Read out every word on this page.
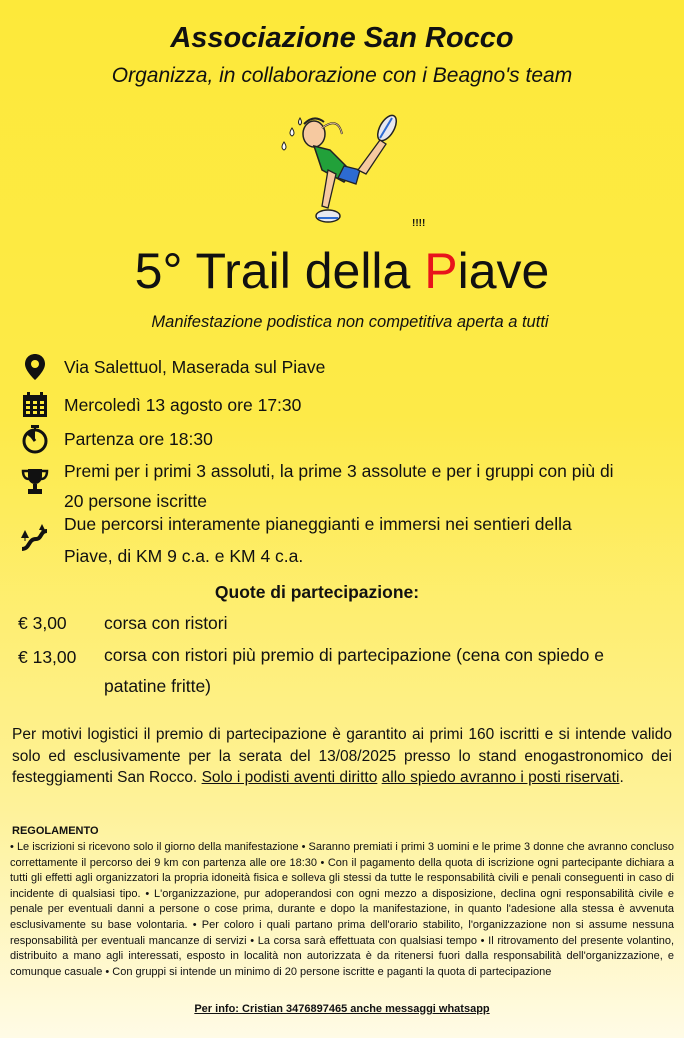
Associazione San Rocco
Organizza, in collaborazione con i Beagno's team
!!!!
5° Trail della Piave
Manifestazione podistica non competitiva aperta a tutti
Via Salettuol, Maserada sul Piave
Mercoledì 13 agosto ore 17:30
Partenza ore 18:30
Premi per i primi 3 assoluti, la prime 3 assolute e per i gruppi con più di 20 persone iscritte
Due percorsi interamente pianeggianti e immersi nei sentieri della Piave, di KM 9 c.a. e KM 4 c.a.
Quote di partecipazione:
€ 3,00 corsa con ristori
€ 13,00 corsa con ristori più premio di partecipazione (cena con spiedo e patatine fritte)
Per motivi logistici il premio di partecipazione è garantito ai primi 160 iscritti e si intende valido solo ed esclusivamente per la serata del 13/08/2025 presso lo stand enogastronomico dei festeggiamenti San Rocco. Solo i podisti aventi diritto allo spiedo avranno i posti riservati.
REGOLAMENTO
• Le iscrizioni si ricevono solo il giorno della manifestazione • Saranno premiati i primi 3 uomini e le prime 3 donne che avranno concluso correttamente il percorso dei 9 km con partenza alle ore 18:30 • Con il pagamento della quota di iscrizione ogni partecipante dichiara a tutti gli effetti agli organizzatori la propria idoneità fisica e solleva gli stessi da tutte le responsabilità civili e penali conseguenti in caso di incidente di qualsiasi tipo. • L'organizzazione, pur adoperandosi con ogni mezzo a disposizione, declina ogni responsabilità civile e penale per eventuali danni a persone o cose prima, durante e dopo la manifestazione, in quanto l'adesione alla stessa è avvenuta esclusivamente su base volontaria. • Per coloro i quali partano prima dell'orario stabilito, l'organizzazione non si assume nessuna responsabilità per eventuali mancanze di servizi • La corsa sarà effettuata con qualsiasi tempo • Il ritrovamento del presente volantino, distribuito a mano agli interessati, esposto in località non autorizzata è da ritenersi fuori dalla responsabilità dell'organizzazione, e comunque casuale • Con gruppi si intende un minimo di 20 persone iscritte e paganti la quota di partecipazione
Per info: Cristian 3476897465 anche messaggi whatsapp
